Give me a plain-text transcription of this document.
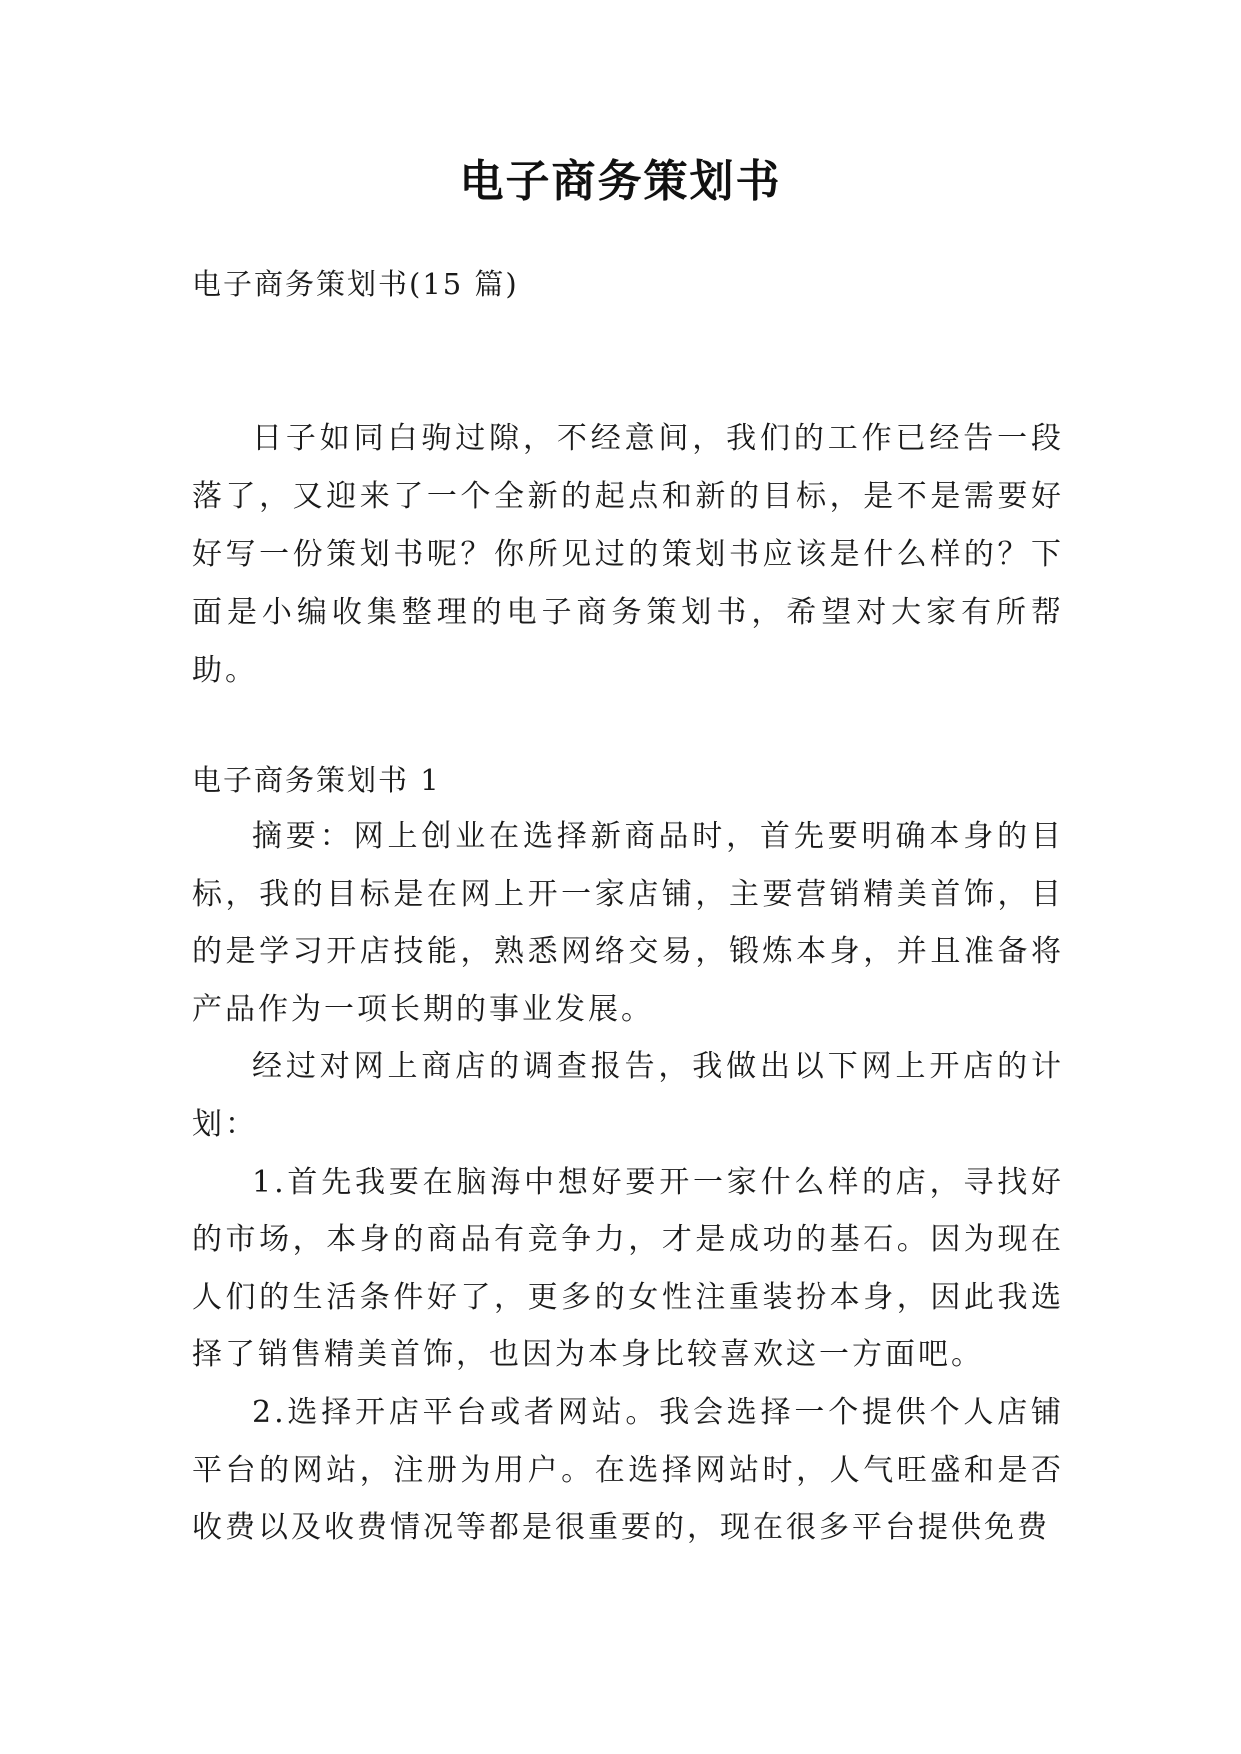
电子商务策划书
电子商务策划书(15 篇)

日子如同白驹过隙，不经意间，我们的工作已经告一段落了，又迎来了一个全新的起点和新的目标，是不是需要好好写一份策划书呢？你所见过的策划书应该是什么样的？下面是小编收集整理的电子商务策划书，希望对大家有所帮助。

电子商务策划书 1

摘要：网上创业在选择新商品时，首先要明确本身的目标，我的目标是在网上开一家店铺，主要营销精美首饰，目的是学习开店技能，熟悉网络交易，锻炼本身，并且准备将产品作为一项长期的事业发展。

经过对网上商店的调查报告，我做出以下网上开店的计划：

1.首先我要在脑海中想好要开一家什么样的店，寻找好的市场，本身的商品有竞争力，才是成功的基石。因为现在人们的生活条件好了，更多的女性注重装扮本身，因此我选择了销售精美首饰，也因为本身比较喜欢这一方面吧。

2.选择开店平台或者网站。我会选择一个提供个人店铺平台的网站，注册为用户。在选择网站时，人气旺盛和是否收费以及收费情况等都是很重要的，现在很多平台提供免费
